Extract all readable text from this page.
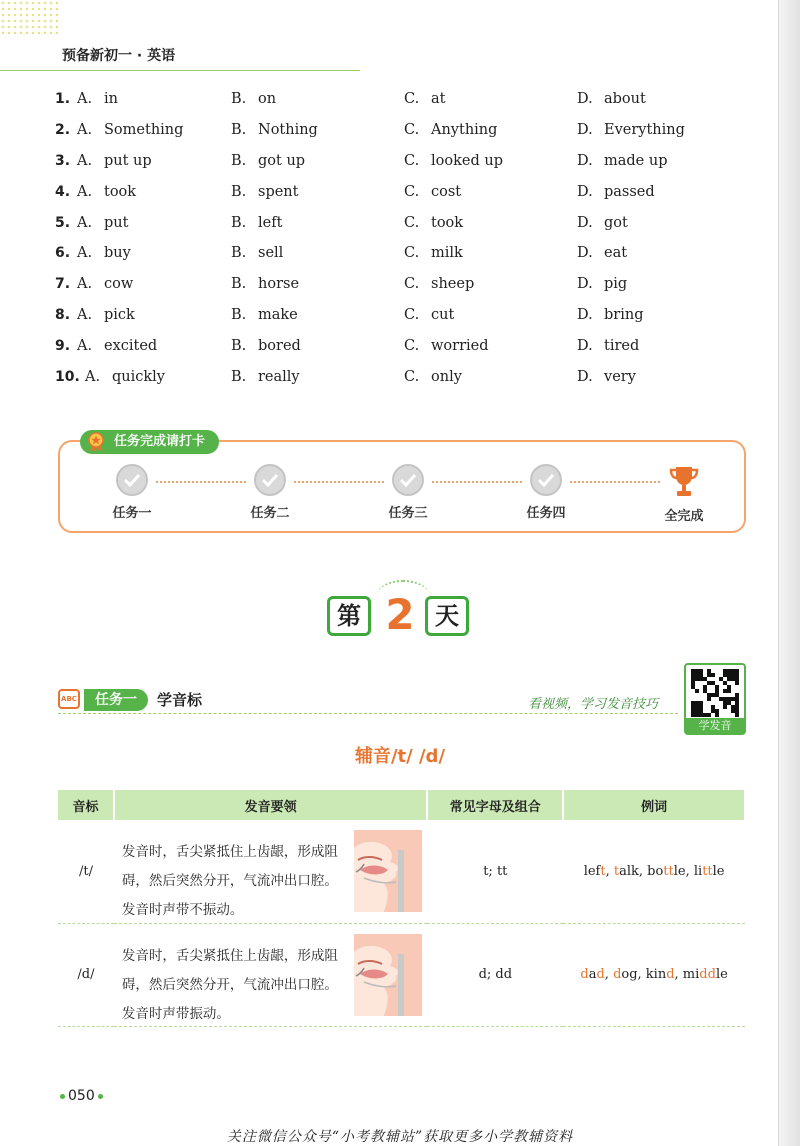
预备新初一 · 英语
1. A. in	B. on	C. at	D. about
2. A. Something	B. Nothing	C. Anything	D. Everything
3. A. put up	B. got up	C. looked up	D. made up
4. A. took	B. spent	C. cost	D. passed
5. A. put	B. left	C. took	D. got
6. A. buy	B. sell	C. milk	D. eat
7. A. cow	B. horse	C. sheep	D. pig
8. A. pick	B. make	C. cut	D. bring
9. A. excited	B. bored	C. worried	D. tired
10. A. quickly	B. really	C. only	D. very
任务完成请打卡
任务一	任务二	任务三	任务四	全完成
第 2 天
ABC	任务一	学音标	看视频，学习发音技巧
学发音
辅音/t/ /d/
音标	发音要领	常见字母及组合	例词
/t/	发音时，舌尖紧抵住上齿龈，形成阻碍，然后突然分开，气流冲出口腔。发音时声带不振动。	t; tt	left, talk, bottle, little
/d/	发音时，舌尖紧抵住上齿龈，形成阻碍，然后突然分开，气流冲出口腔。发音时声带振动。	d; dd	dad, dog, kind, middle
050
关注微信公众号“小考教辅站”获取更多小学教辅资料
